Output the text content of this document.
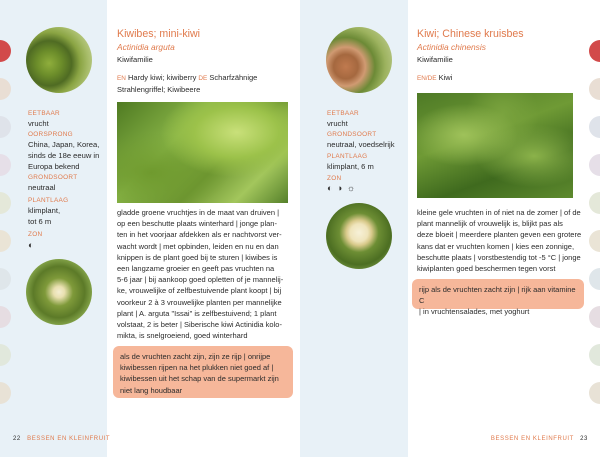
EETBAAR
vrucht
OORSPRONG
China, Japan, Korea,
sinds de 18e eeuw in
Europa bekend
GRONDSOORT
neutraal
PLANTLAAG
klimplant,
tot 6 m
ZON
◐
Kiwibes; mini-kiwi
Actinidia arguta
Kiwifamilie
EN Hardy kiwi; kiwiberry DE Scharfzähnige
Strahlengriffel; Kiwibeere
gladde groene vruchtjes in de maat van druiven |
op een beschutte plaats winterhard | jonge plan-
ten in het voorjaar afdekken als er nachtvorst ver-
wacht wordt | met opbinden, leiden en nu en dan
knippen is de plant goed bij te sturen | kiwibes is
een langzame groeier en geeft pas vruchten na
5-6 jaar | bij aankoop goed opletten of je mannelij-
ke, vrouwelijke of zelfbestuivende plant koopt | bij
voorkeur 2 à 3 vrouwelijke planten per mannelijke
plant | A. arguta "Issai" is zelfbestuivend; 1 plant
volstaat, 2 is beter | Siberische kiwi Actinidia kolo-
mikta, is snelgroeiend, goed winterhard
als de vruchten zacht zijn, zijn ze rijp | onrijpe
kiwibessen rijpen na het plukken niet goed af |
kiwibessen uit het schap van de supermarkt zijn
niet lang houdbaar
22 BESSEN EN KLEINFRUIT
EETBAAR
vrucht
GRONDSOORT
neutraal, voedselrijk
PLANTLAAG
klimplant, 6 m
ZON
◐ ◑ ☼
Kiwi; Chinese kruisbes
Actinidia chinensis
Kiwifamilie
EN/DE Kiwi
kleine gele vruchten in of niet na de zomer | of de
plant mannelijk of vrouwelijk is, blijkt pas als
deze bloeit | meerdere planten geven een grotere
kans dat er vruchten komen | kies een zonnige,
beschutte plaats | vorstbestendig tot -5 °C | jonge
kiwiplanten goed beschermen tegen vorst
rijp als de vruchten zacht zijn | rijk aan vitamine C
| in vruchtensalades, met yoghurt
BESSEN EN KLEINFRUIT 23
